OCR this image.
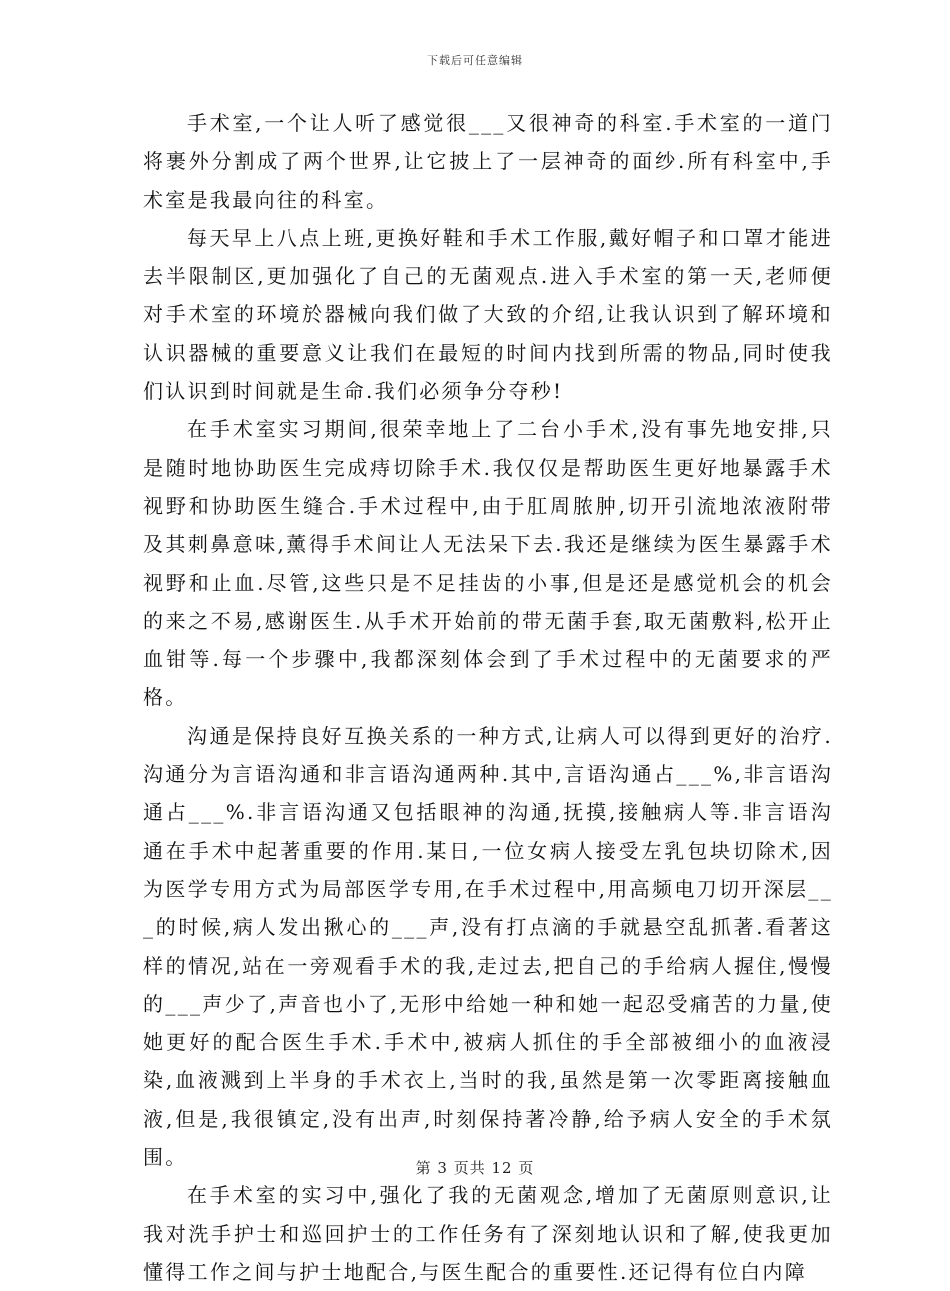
下载后可任意编辑

手术室,一个让人听了感觉很___又很神奇的科室.手术室的一道门将裹外分割成了两个世界,让它披上了一层神奇的面纱.所有科室中,手术室是我最向往的科室。

每天早上八点上班,更换好鞋和手术工作服,戴好帽子和口罩才能进去半限制区,更加强化了自己的无菌观点.进入手术室的第一天,老师便对手术室的环境於器械向我们做了大致的介绍,让我认识到了解环境和认识器械的重要意义让我们在最短的时间内找到所需的物品,同时使我们认识到时间就是生命.我们必须争分夺秒!

在手术室实习期间,很荣幸地上了二台小手术,没有事先地安排,只是随时地协助医生完成痔切除手术.我仅仅是帮助医生更好地暴露手术视野和协助医生缝合.手术过程中,由于肛周脓肿,切开引流地浓液附带及其刺鼻意味,薰得手术间让人无法呆下去.我还是继续为医生暴露手术视野和止血.尽管,这些只是不足挂齿的小事,但是还是感觉机会的机会的来之不易,感谢医生.从手术开始前的带无菌手套,取无菌敷料,松开止血钳等.每一个步骤中,我都深刻体会到了手术过程中的无菌要求的严格。

沟通是保持良好互换关系的一种方式,让病人可以得到更好的治疗.沟通分为言语沟通和非言语沟通两种.其中,言语沟通占___%,非言语沟通占___%.非言语沟通又包括眼神的沟通,抚摸,接触病人等.非言语沟通在手术中起著重要的作用.某日,一位女病人接受左乳包块切除术,因为医学专用方式为局部医学专用,在手术过程中,用高频电刀切开深层___的时候,病人发出揪心的___声,没有打点滴的手就悬空乱抓著.看著这样的情况,站在一旁观看手术的我,走过去,把自己的手给病人握住,慢慢的___声少了,声音也小了,无形中给她一种和她一起忍受痛苦的力量,使她更好的配合医生手术.手术中,被病人抓住的手全部被细小的血液浸染,血液溅到上半身的手术衣上,当时的我,虽然是第一次零距离接触血液,但是,我很镇定,没有出声,时刻保持著冷静,给予病人安全的手术氛围。

在手术室的实习中,强化了我的无菌观念,增加了无菌原则意识,让我对洗手护士和巡回护士的工作任务有了深刻地认识和了解,使我更加懂得工作之间与护士地配合,与医生配合的重要性.还记得有位白内障

第 3 页共 12 页
